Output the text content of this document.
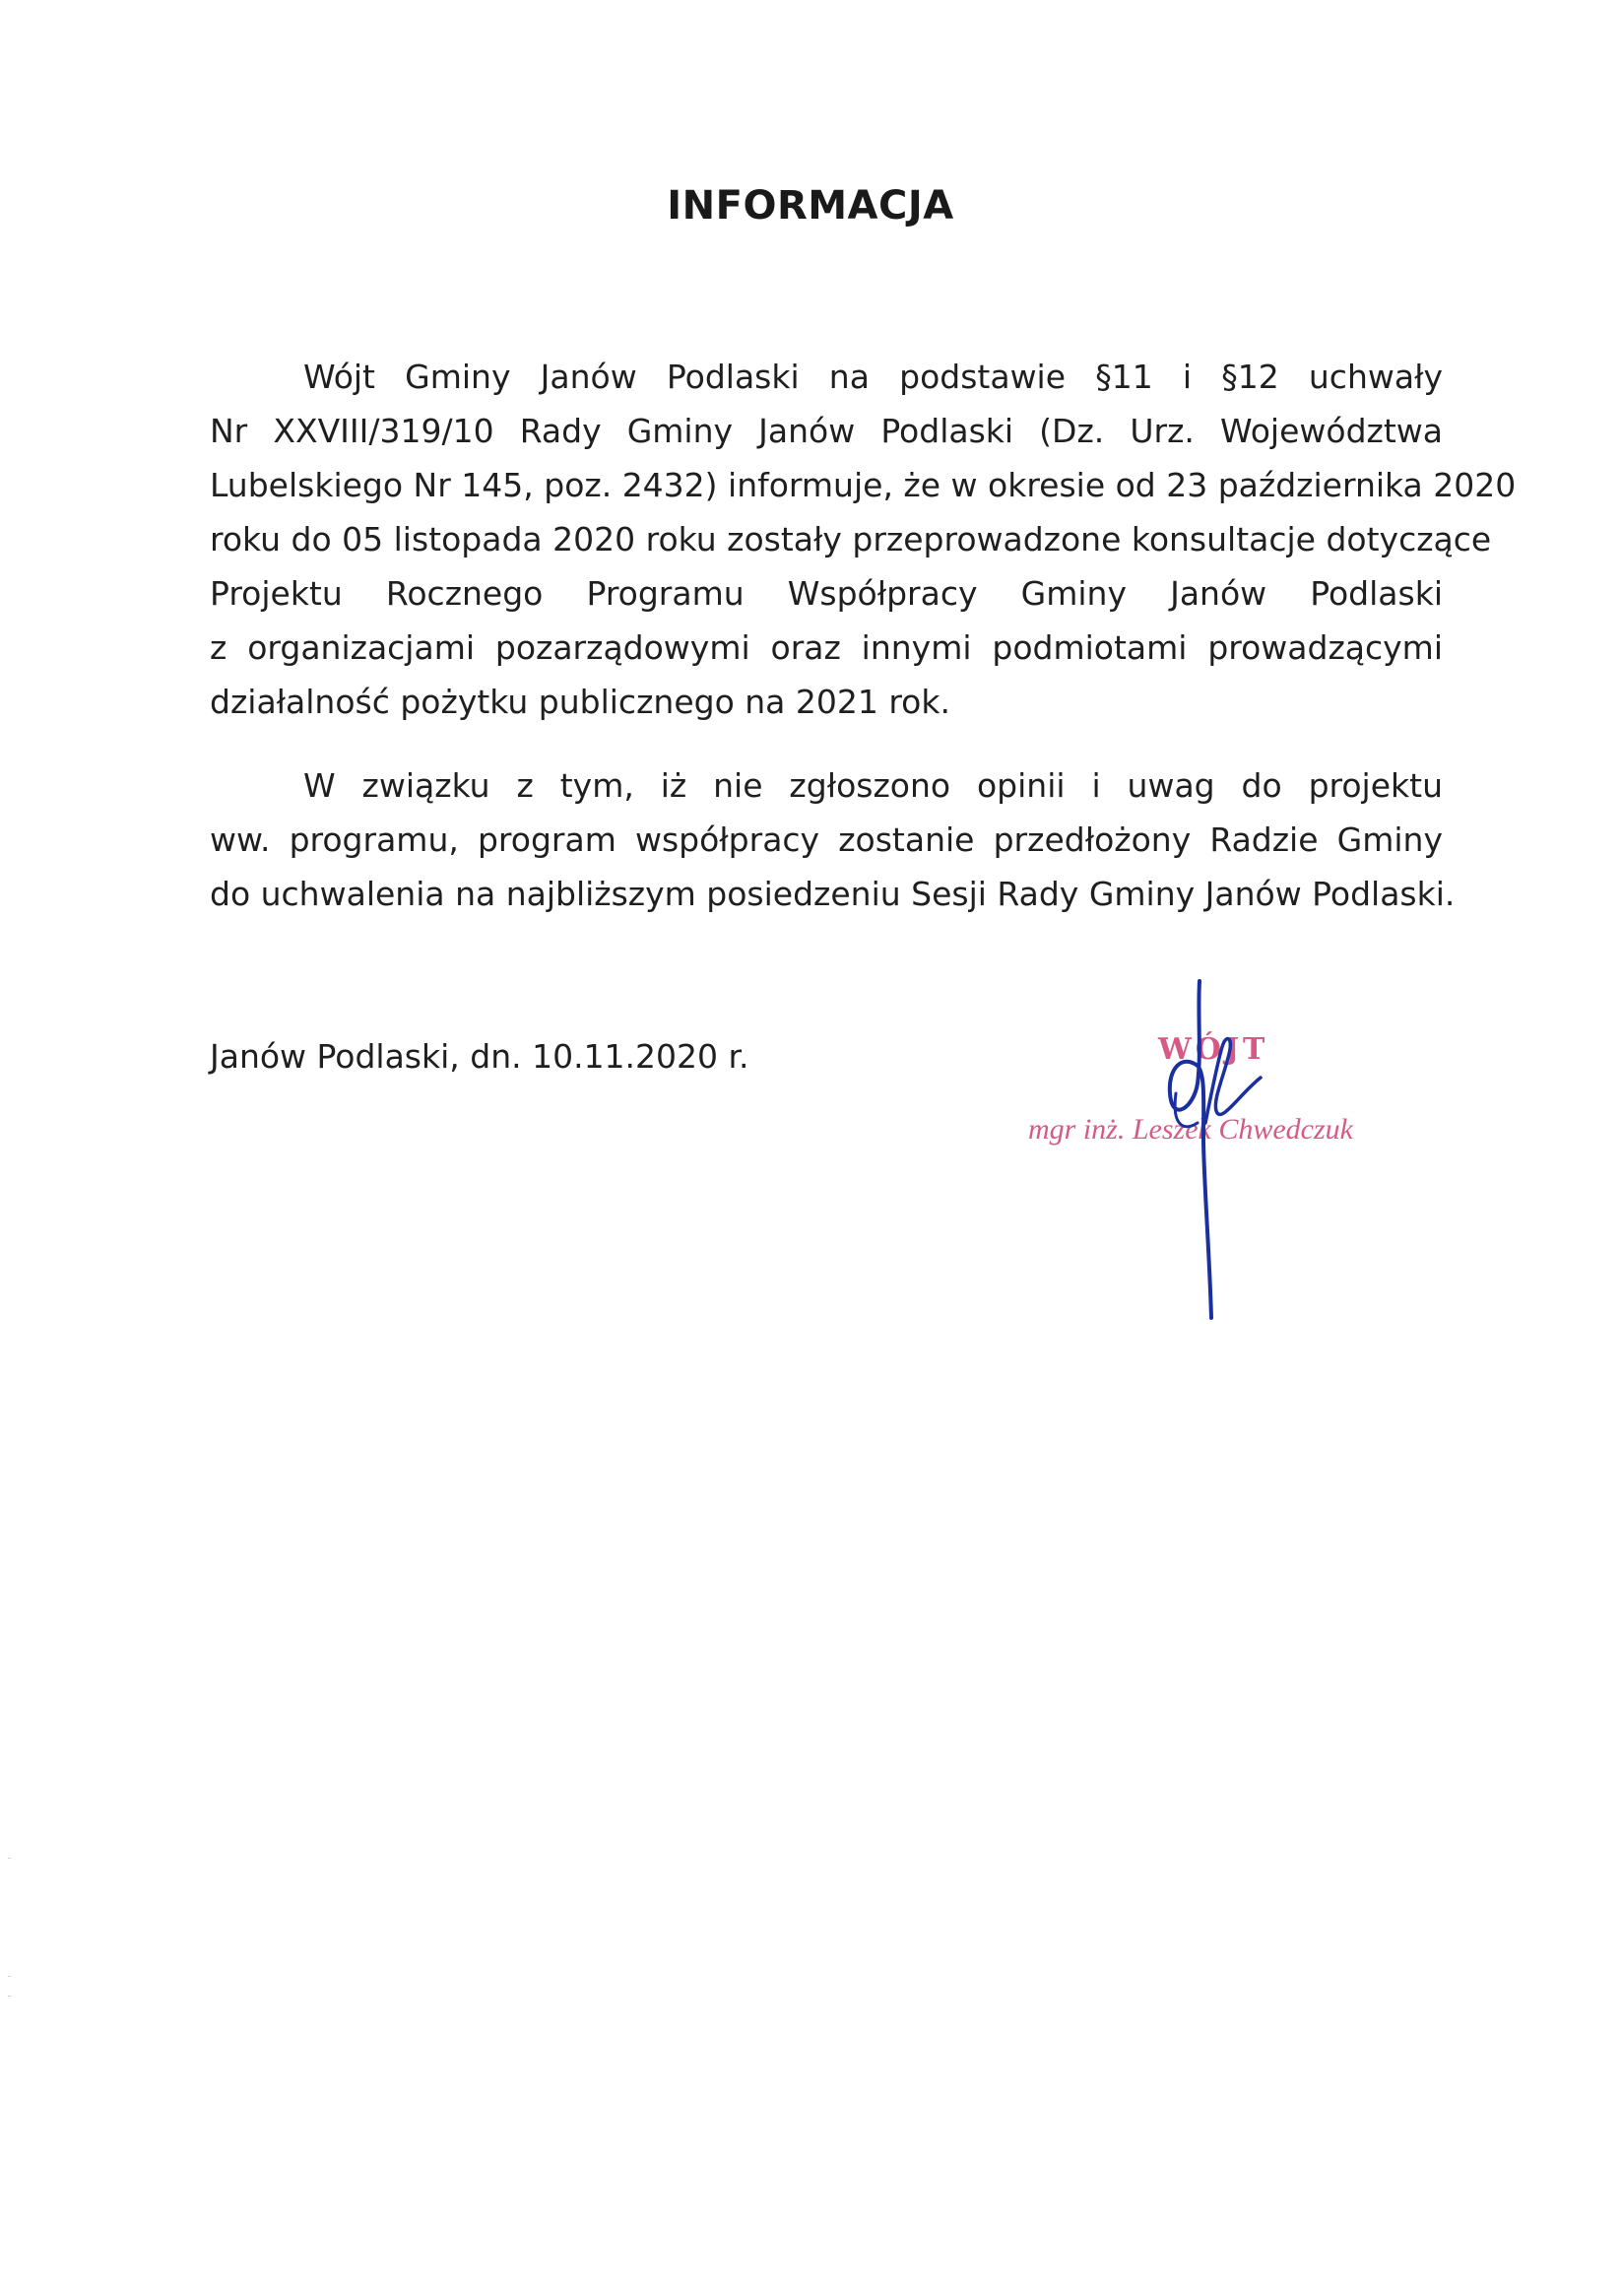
INFORMACJA
Wójt Gminy Janów Podlaski na podstawie §11 i §12 uchwały
Nr XXVIII/319/10 Rady Gminy Janów Podlaski (Dz. Urz. Województwa
Lubelskiego Nr 145, poz. 2432) informuje, że w okresie od 23 października 2020
roku do 05 listopada 2020 roku zostały przeprowadzone konsultacje dotyczące
Projektu Rocznego Programu Współpracy Gminy Janów Podlaski
z organizacjami pozarządowymi oraz innymi podmiotami prowadzącymi
działalność pożytku publicznego na 2021 rok.
W związku z tym, iż nie zgłoszono opinii i uwag do projektu
ww. programu, program współpracy zostanie przedłożony Radzie Gminy
do uchwalenia na najbliższym posiedzeniu Sesji Rady Gminy Janów Podlaski.
Janów Podlaski, dn. 10.11.2020 r.	WÓJT
mgr inż. Leszek Chwedczuk
